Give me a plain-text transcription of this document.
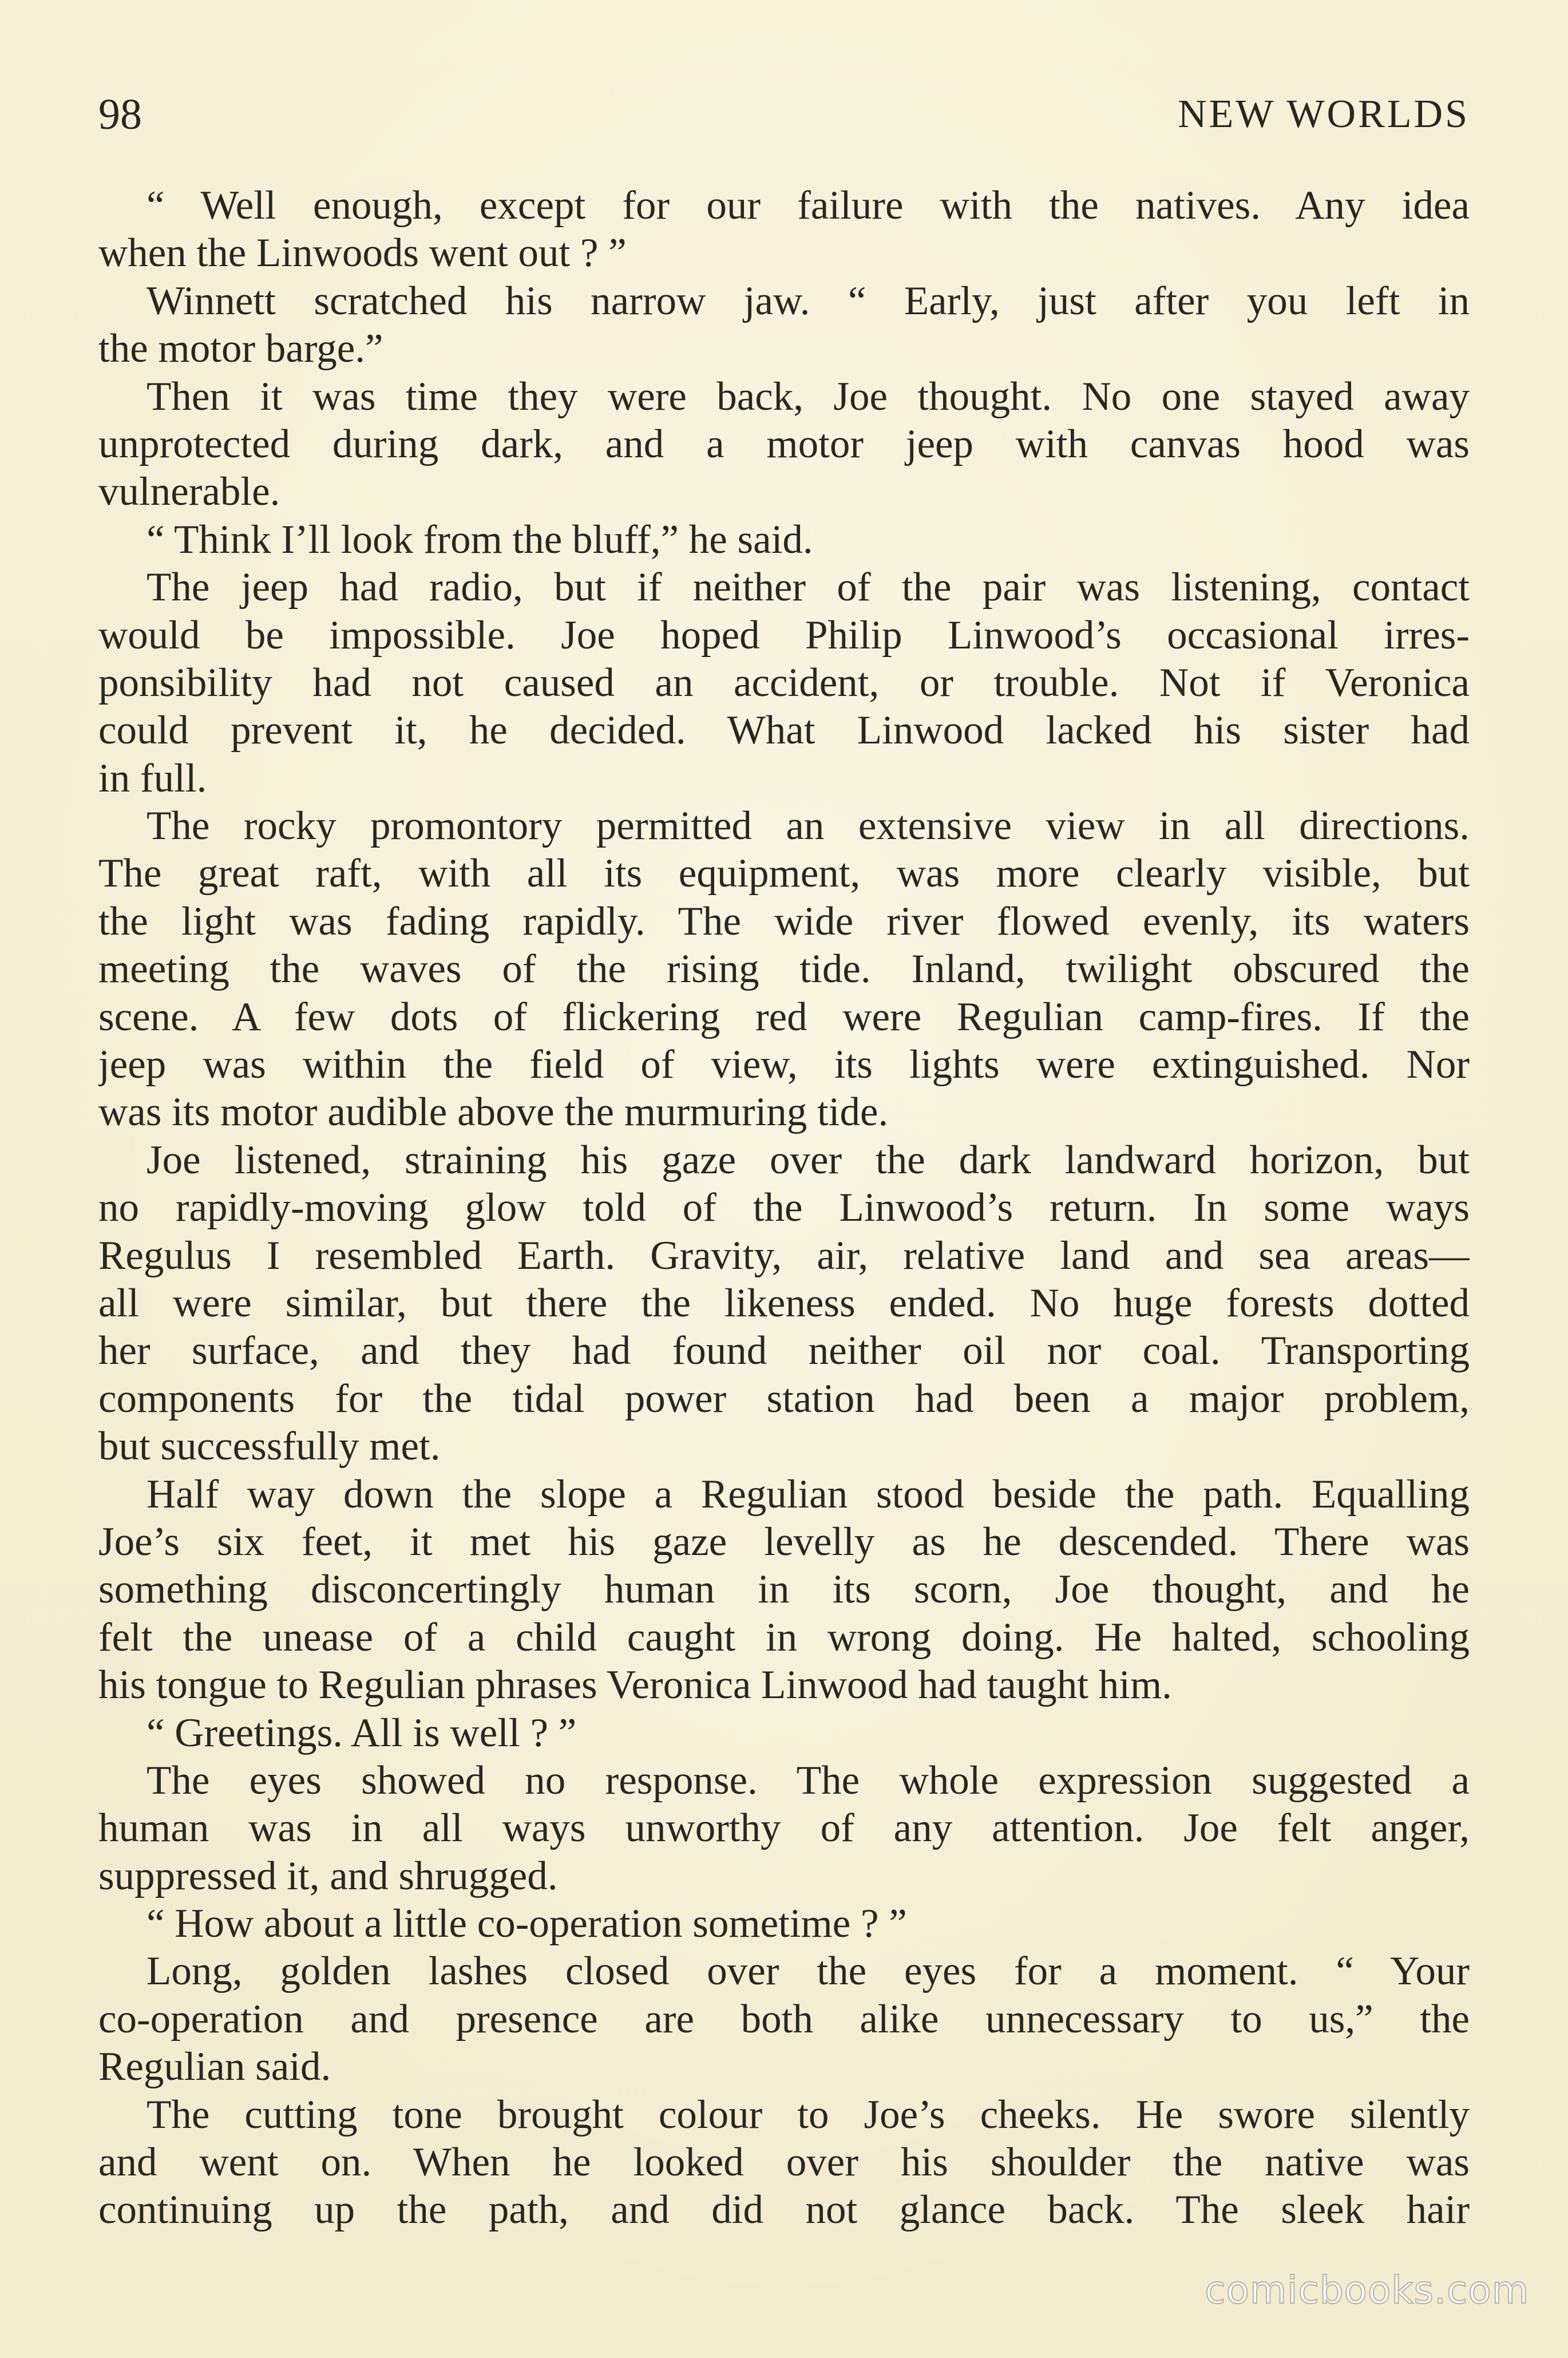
98	NEW WORLDS
“ Well enough, except for our failure with the natives. Any idea
when the Linwoods went out ? ”
Winnett scratched his narrow jaw. “ Early, just after you left in
the motor barge.”
Then it was time they were back, Joe thought. No one stayed away
unprotected during dark, and a motor jeep with canvas hood was
vulnerable.
“ Think I’ll look from the bluff,” he said.
The jeep had radio, but if neither of the pair was listening, contact
would be impossible. Joe hoped Philip Linwood’s occasional irres-
ponsibility had not caused an accident, or trouble. Not if Veronica
could prevent it, he decided. What Linwood lacked his sister had
in full.
The rocky promontory permitted an extensive view in all directions.
The great raft, with all its equipment, was more clearly visible, but
the light was fading rapidly. The wide river flowed evenly, its waters
meeting the waves of the rising tide. Inland, twilight obscured the
scene. A few dots of flickering red were Regulian camp-fires. If the
jeep was within the field of view, its lights were extinguished. Nor
was its motor audible above the murmuring tide.
Joe listened, straining his gaze over the dark landward horizon, but
no rapidly-moving glow told of the Linwood’s return. In some ways
Regulus I resembled Earth. Gravity, air, relative land and sea areas—
all were similar, but there the likeness ended. No huge forests dotted
her surface, and they had found neither oil nor coal. Transporting
components for the tidal power station had been a major problem,
but successfully met.
Half way down the slope a Regulian stood beside the path. Equalling
Joe’s six feet, it met his gaze levelly as he descended. There was
something disconcertingly human in its scorn, Joe thought, and he
felt the unease of a child caught in wrong doing. He halted, schooling
his tongue to Regulian phrases Veronica Linwood had taught him.
“ Greetings. All is well ? ”
The eyes showed no response. The whole expression suggested a
human was in all ways unworthy of any attention. Joe felt anger,
suppressed it, and shrugged.
“ How about a little co-operation sometime ? ”
Long, golden lashes closed over the eyes for a moment. “ Your
co-operation and presence are both alike unnecessary to us,” the
Regulian said.
The cutting tone brought colour to Joe’s cheeks. He swore silently
and went on. When he looked over his shoulder the native was
continuing up the path, and did not glance back. The sleek hair
comicbooks.com
